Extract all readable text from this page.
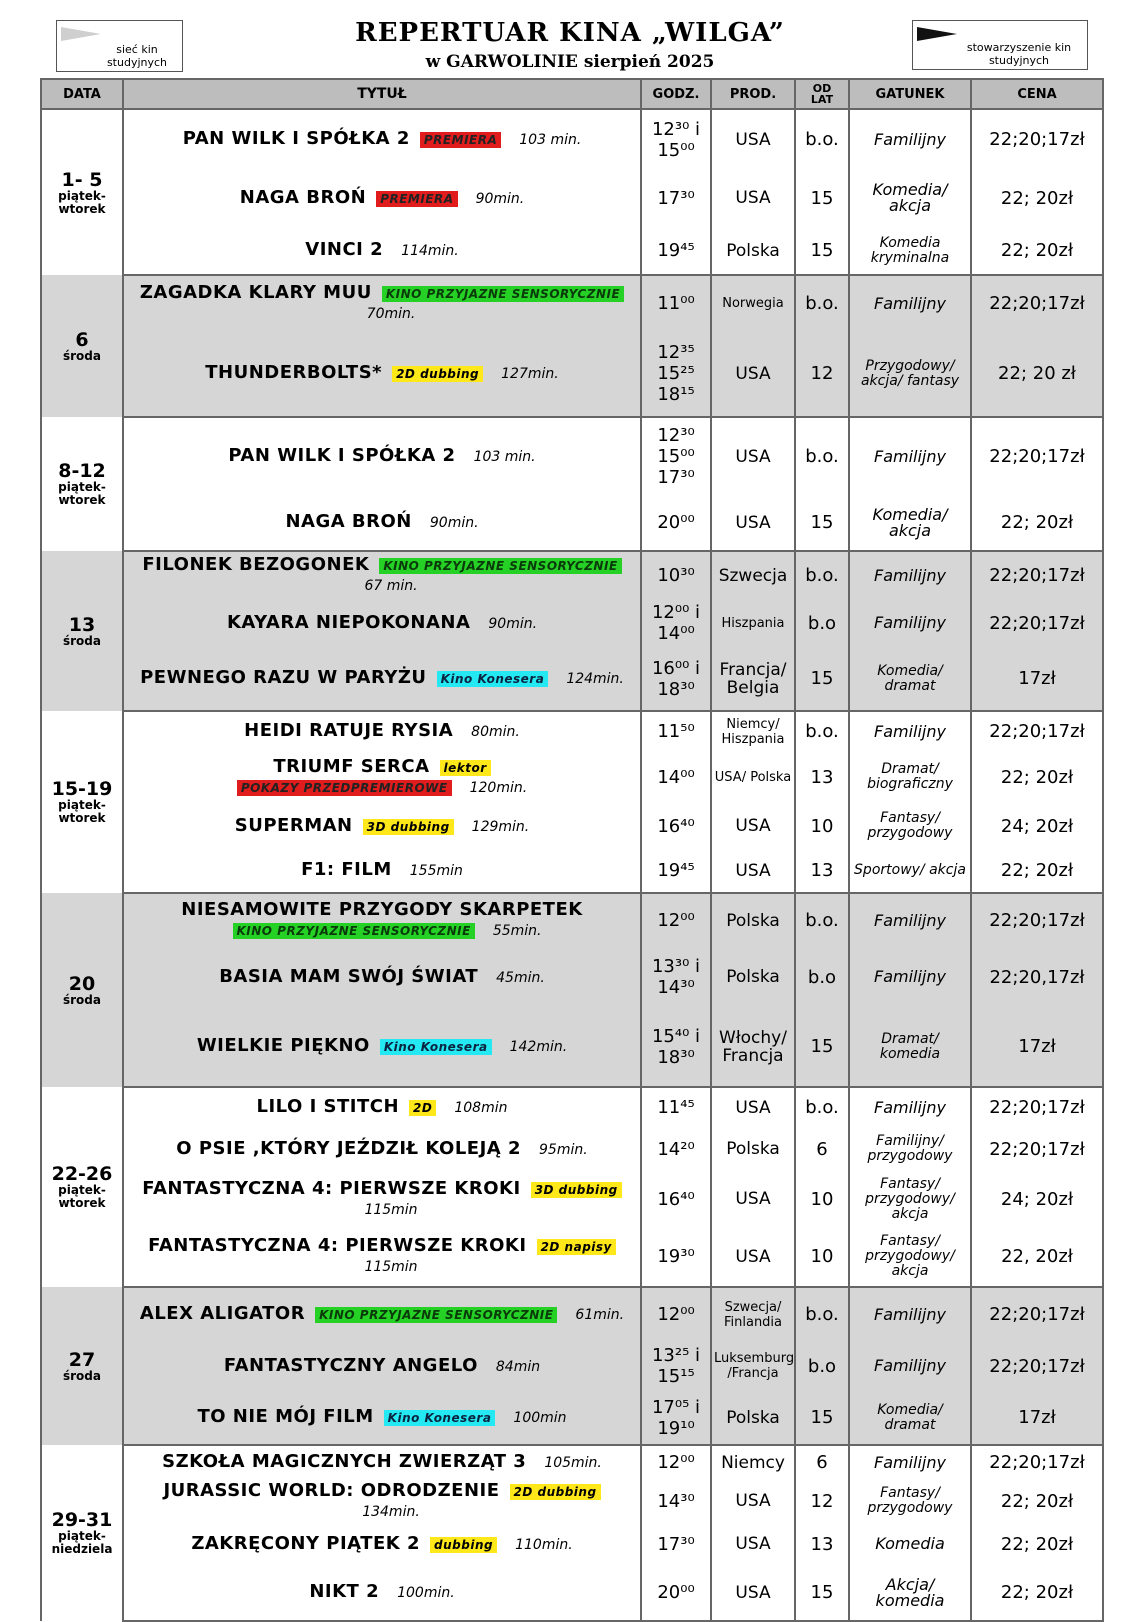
sieć kin studyjnych
REPERTUAR KINA „WILGA”
w GARWOLINIE sierpień 2025
stowarzyszenie kin studyjnych
DATA	TYTUŁ	GODZ.	PROD.	OD
LAT	GATUNEK	CENA

1- 5
piątek-wtorek	PAN WILK I SPÓŁKA 2 PREMIERA 103 min.	12³⁰ i 15⁰⁰	USA	b.o.	Familijny	22;20;17zł
	NAGA BROŃ PREMIERA 90min.	17³⁰	USA	15	Komedia/ akcja	22; 20zł
	VINCI 2 114min.	19⁴⁵	Polska	15	Komedia kryminalna	22; 20zł

6
środa	ZAGADKA KLARY MUU KINO PRZYJAZNE SENSORYCZNIE70min.	11⁰⁰	Norwegia	b.o.	Familijny	22;20;17zł
	THUNDERBOLTS* 2D dubbing 127min.	12³⁵ 15²⁵ 18¹⁵	USA	12	Przygodowy/ akcja/ fantasy	22; 20 zł

8-12
piątek-wtorek	PAN WILK I SPÓŁKA 2 103 min.	12³⁰ 15⁰⁰ 17³⁰	USA	b.o.	Familijny	22;20;17zł
	NAGA BROŃ 90min.	20⁰⁰	USA	15	Komedia/ akcja	22; 20zł

13
środa	FILONEK BEZOGONEK KINO PRZYJAZNE SENSORYCZNIE67 min.	10³⁰	Szwecja	b.o.	Familijny	22;20;17zł
	KAYARA NIEPOKONANA 90min.	12⁰⁰ i 14⁰⁰	Hiszpania	b.o	Familijny	22;20;17zł
	PEWNEGO RAZU W PARYŻU Kino Konesera 124min.	16⁰⁰ i 18³⁰	Francja/ Belgia	15	Komedia/ dramat	17zł

15-19
piątek-wtorek	HEIDI RATUJE RYSIA 80min.	11⁵⁰	Niemcy/ Hiszpania	b.o.	Familijny	22;20;17zł
	TRIUMF SERCA lektor
POKAZY PRZEDPREMIEROWE 120min.	14⁰⁰	USA/ Polska	13	Dramat/ biograficzny	22; 20zł
	SUPERMAN 3D dubbing 129min.	16⁴⁰	USA	10	Fantasy/ przygodowy	24; 20zł
	F1: FILM 155min	19⁴⁵	USA	13	Sportowy/ akcja	22; 20zł

20
środa	NIESAMOWITE PRZYGODY SKARPETEKKINO PRZYJAZNE SENSORYCZNIE 55min.	12⁰⁰	Polska	b.o.	Familijny	22;20;17zł
	BASIA MAM SWÓJ ŚWIAT 45min.	13³⁰ i 14³⁰	Polska	b.o	Familijny	22;20,17zł
	WIELKIE PIĘKNO Kino Konesera 142min.	15⁴⁰ i 18³⁰	Włochy/ Francja	15	Dramat/ komedia	17zł

22-26
piątek-wtorek	LILO I STITCH 2D 108min	11⁴⁵	USA	b.o.	Familijny	22;20;17zł
	O PSIE ,KTÓRY JEŹDZIŁ KOLEJĄ 2 95min.	14²⁰	Polska	6	Familijny/ przygodowy	22;20;17zł
	FANTASTYCZNA 4: PIERWSZE KROKI 3D dubbing115min	16⁴⁰	USA	10	Fantasy/ przygodowy/ akcja	24; 20zł
	FANTASTYCZNA 4: PIERWSZE KROKI 2D napisy115min	19³⁰	USA	10	Fantasy/ przygodowy/ akcja	22, 20zł

27
środa	ALEX ALIGATOR KINO PRZYJAZNE SENSORYCZNIE 61min.	12⁰⁰	Szwecja/ Finlandia	b.o.	Familijny	22;20;17zł
	FANTASTYCZNY ANGELO 84min	13²⁵ i 15¹⁵	Luksemburg /Francja	b.o	Familijny	22;20;17zł
	TO NIE MÓJ FILM Kino Konesera 100min	17⁰⁵ i 19¹⁰	Polska	15	Komedia/ dramat	17zł

29-31
piątek-niedziela	SZKOŁA MAGICZNYCH ZWIERZĄT 3 105min.	12⁰⁰	Niemcy	6	Familijny	22;20;17zł
	JURASSIC WORLD: ODRODZENIE 2D dubbing134min.	14³⁰	USA	12	Fantasy/ przygodowy	22; 20zł
	ZAKRĘCONY PIĄTEK 2 dubbing 110min.	17³⁰	USA	13	Komedia	22; 20zł
	NIKT 2 100min.	20⁰⁰	USA	15	Akcja/ komedia	22; 20zł
